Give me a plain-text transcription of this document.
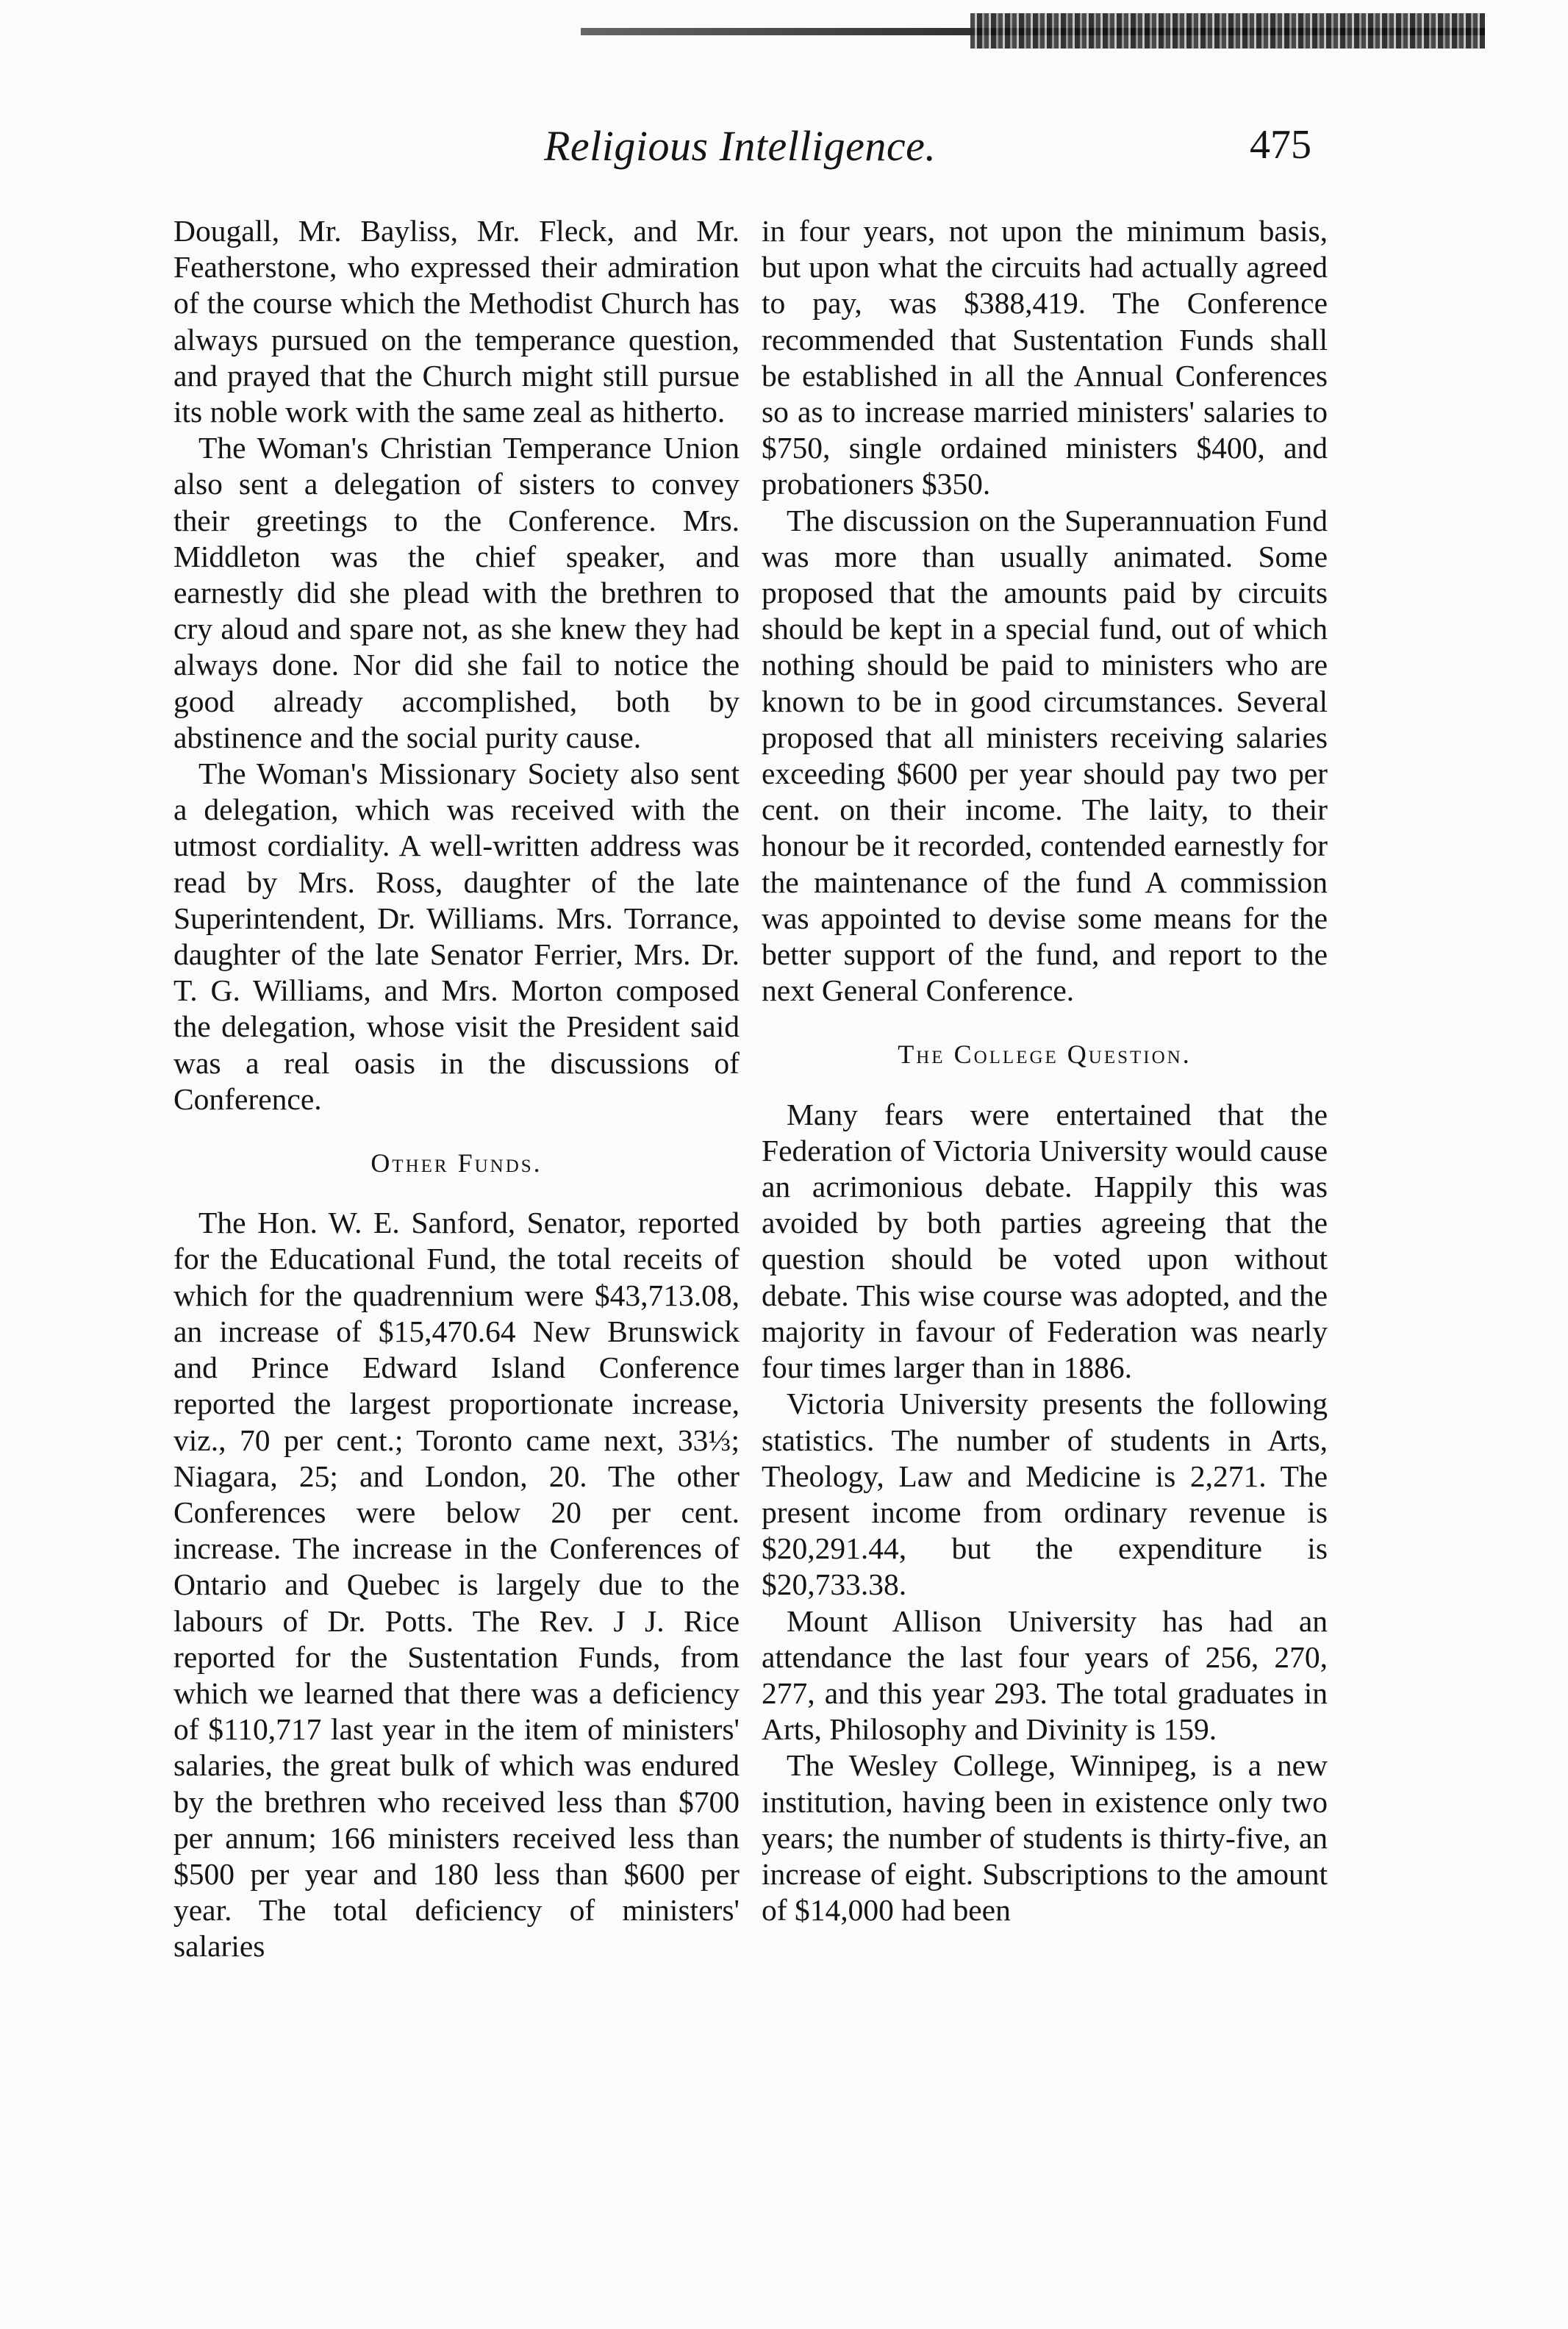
Religious Intelligence.	475

Dougall, Mr. Bayliss, Mr. Fleck, and Mr. Featherstone, who expressed their admiration of the course which the Methodist Church has always pursued on the temperance question, and prayed that the Church might still pursue its noble work with the same zeal as hitherto.

The Woman's Christian Temperance Union also sent a delegation of sisters to convey their greetings to the Conference. Mrs. Middleton was the chief speaker, and earnestly did she plead with the brethren to cry aloud and spare not, as she knew they had always done. Nor did she fail to notice the good already accomplished, both by abstinence and the social purity cause.

The Woman's Missionary Society also sent a delegation, which was received with the utmost cordiality. A well-written address was read by Mrs. Ross, daughter of the late Superintendent, Dr. Williams. Mrs. Torrance, daughter of the late Senator Ferrier, Mrs. Dr. T. G. Williams, and Mrs. Morton composed the delegation, whose visit the President said was a real oasis in the discussions of Conference.

Other Funds.

The Hon. W. E. Sanford, Senator, reported for the Educational Fund, the total receits of which for the quadrennium were $43,713.08, an increase of $15,470.64 New Brunswick and Prince Edward Island Conference reported the largest proportionate increase, viz., 70 per cent.; Toronto came next, 33⅓; Niagara, 25; and London, 20. The other Conferences were below 20 per cent. increase. The increase in the Conferences of Ontario and Quebec is largely due to the labours of Dr. Potts. The Rev. J J. Rice reported for the Sustentation Funds, from which we learned that there was a deficiency of $110,717 last year in the item of ministers' salaries, the great bulk of which was endured by the brethren who received less than $700 per annum; 166 ministers received less than $500 per year and 180 less than $600 per year. The total deficiency of ministers' salaries

in four years, not upon the minimum basis, but upon what the circuits had actually agreed to pay, was $388,419. The Conference recommended that Sustentation Funds shall be established in all the Annual Conferences so as to increase married ministers' salaries to $750, single ordained ministers $400, and probationers $350.

The discussion on the Superannuation Fund was more than usually animated. Some proposed that the amounts paid by circuits should be kept in a special fund, out of which nothing should be paid to ministers who are known to be in good circumstances. Several proposed that all ministers receiving salaries exceeding $600 per year should pay two per cent. on their income. The laity, to their honour be it recorded, contended earnestly for the maintenance of the fund A commission was appointed to devise some means for the better support of the fund, and report to the next General Conference.

The College Question.

Many fears were entertained that the Federation of Victoria University would cause an acrimonious debate. Happily this was avoided by both parties agreeing that the question should be voted upon without debate. This wise course was adopted, and the majority in favour of Federation was nearly four times larger than in 1886.

Victoria University presents the following statistics. The number of students in Arts, Theology, Law and Medicine is 2,271. The present income from ordinary revenue is $20,291.44, but the expenditure is $20,733.38.

Mount Allison University has had an attendance the last four years of 256, 270, 277, and this year 293. The total graduates in Arts, Philosophy and Divinity is 159.

The Wesley College, Winnipeg, is a new institution, having been in existence only two years; the number of students is thirty-five, an increase of eight. Subscriptions to the amount of $14,000 had been
